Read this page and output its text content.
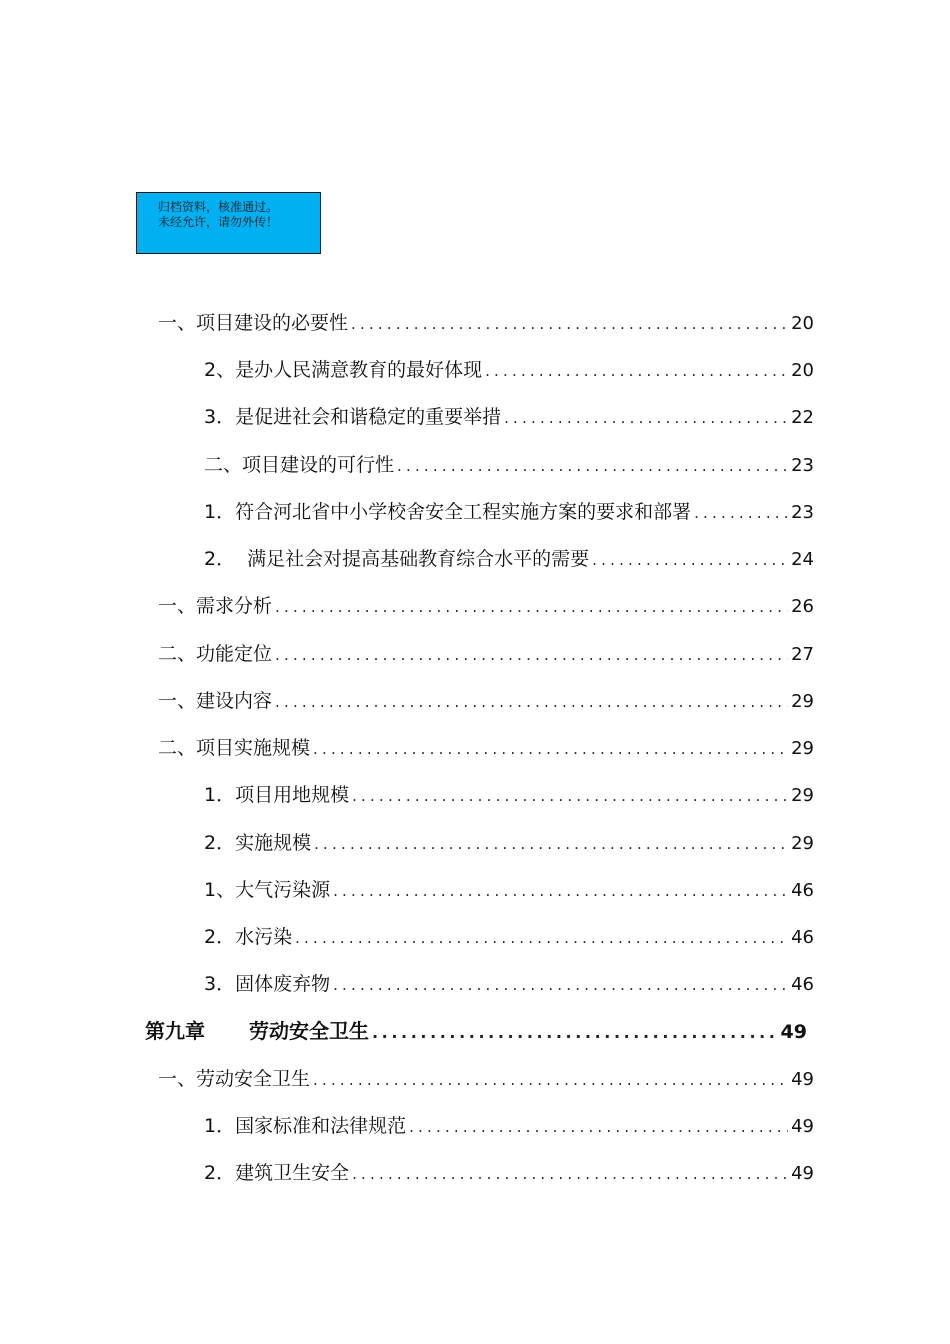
归档资料，核准通过。
未经允许，请勿外传！
一、项目建设的必要性 .....	20
2、是办人民满意教育的最好体现 .....	20
3．是促进社会和谐稳定的重要举措 .....	22
二、项目建设的可行性 .....	23
1．符合河北省中小学校舍安全工程实施方案的要求和部署 .....	23
2．  满足社会对提高基础教育综合水平的需要 .....	24
一、需求分析 .....	26
二、功能定位 .....	27
一、建设内容 .....	29
二、项目实施规模 .....	29
1．项目用地规模 .....	29
2．实施规模 .....	29
1、大气污染源 .....	46
2．水污染 .....	46
3．固体废弃物 .....	46
第九章 劳动安全卫生 .....	49
一、劳动安全卫生 .....	49
1．国家标准和法律规范 .....	49
2．建筑卫生安全 .....	49
